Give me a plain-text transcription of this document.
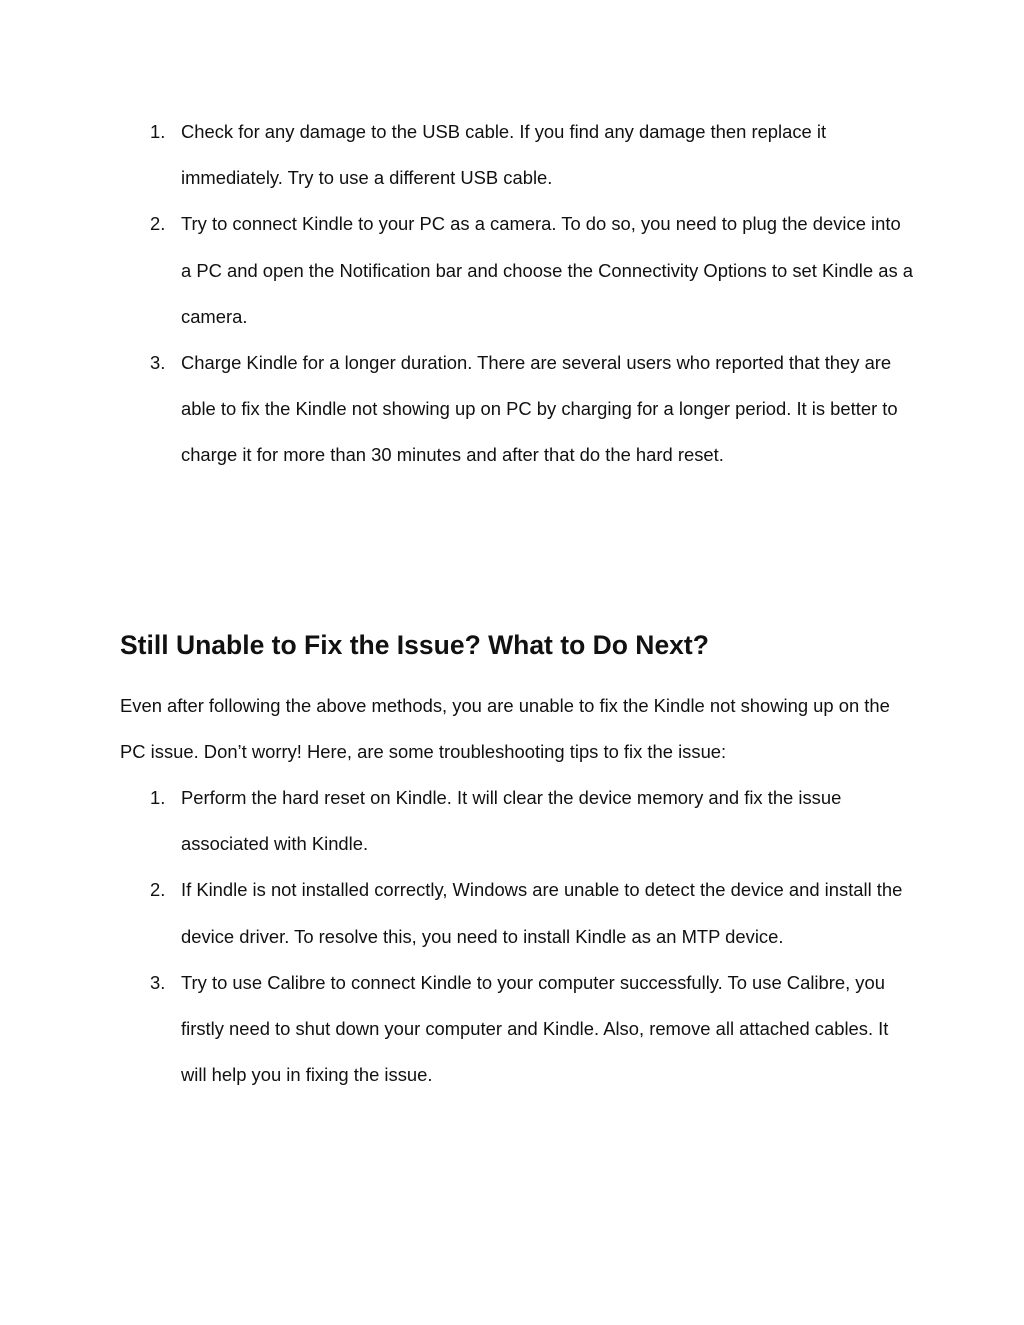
1. Check for any damage to the USB cable. If you find any damage then replace it immediately. Try to use a different USB cable.
2. Try to connect Kindle to your PC as a camera. To do so, you need to plug the device into a PC and open the Notification bar and choose the Connectivity Options to set Kindle as a camera.
3. Charge Kindle for a longer duration. There are several users who reported that they are able to fix the Kindle not showing up on PC by charging for a longer period. It is better to charge it for more than 30 minutes and after that do the hard reset.
Still Unable to Fix the Issue? What to Do Next?

Even after following the above methods, you are unable to fix the Kindle not showing up on the PC issue. Don’t worry! Here, are some troubleshooting tips to fix the issue:

1. Perform the hard reset on Kindle. It will clear the device memory and fix the issue associated with Kindle.
2. If Kindle is not installed correctly, Windows are unable to detect the device and install the device driver. To resolve this, you need to install Kindle as an MTP device.
3. Try to use Calibre to connect Kindle to your computer successfully. To use Calibre, you firstly need to shut down your computer and Kindle. Also, remove all attached cables. It will help you in fixing the issue.
